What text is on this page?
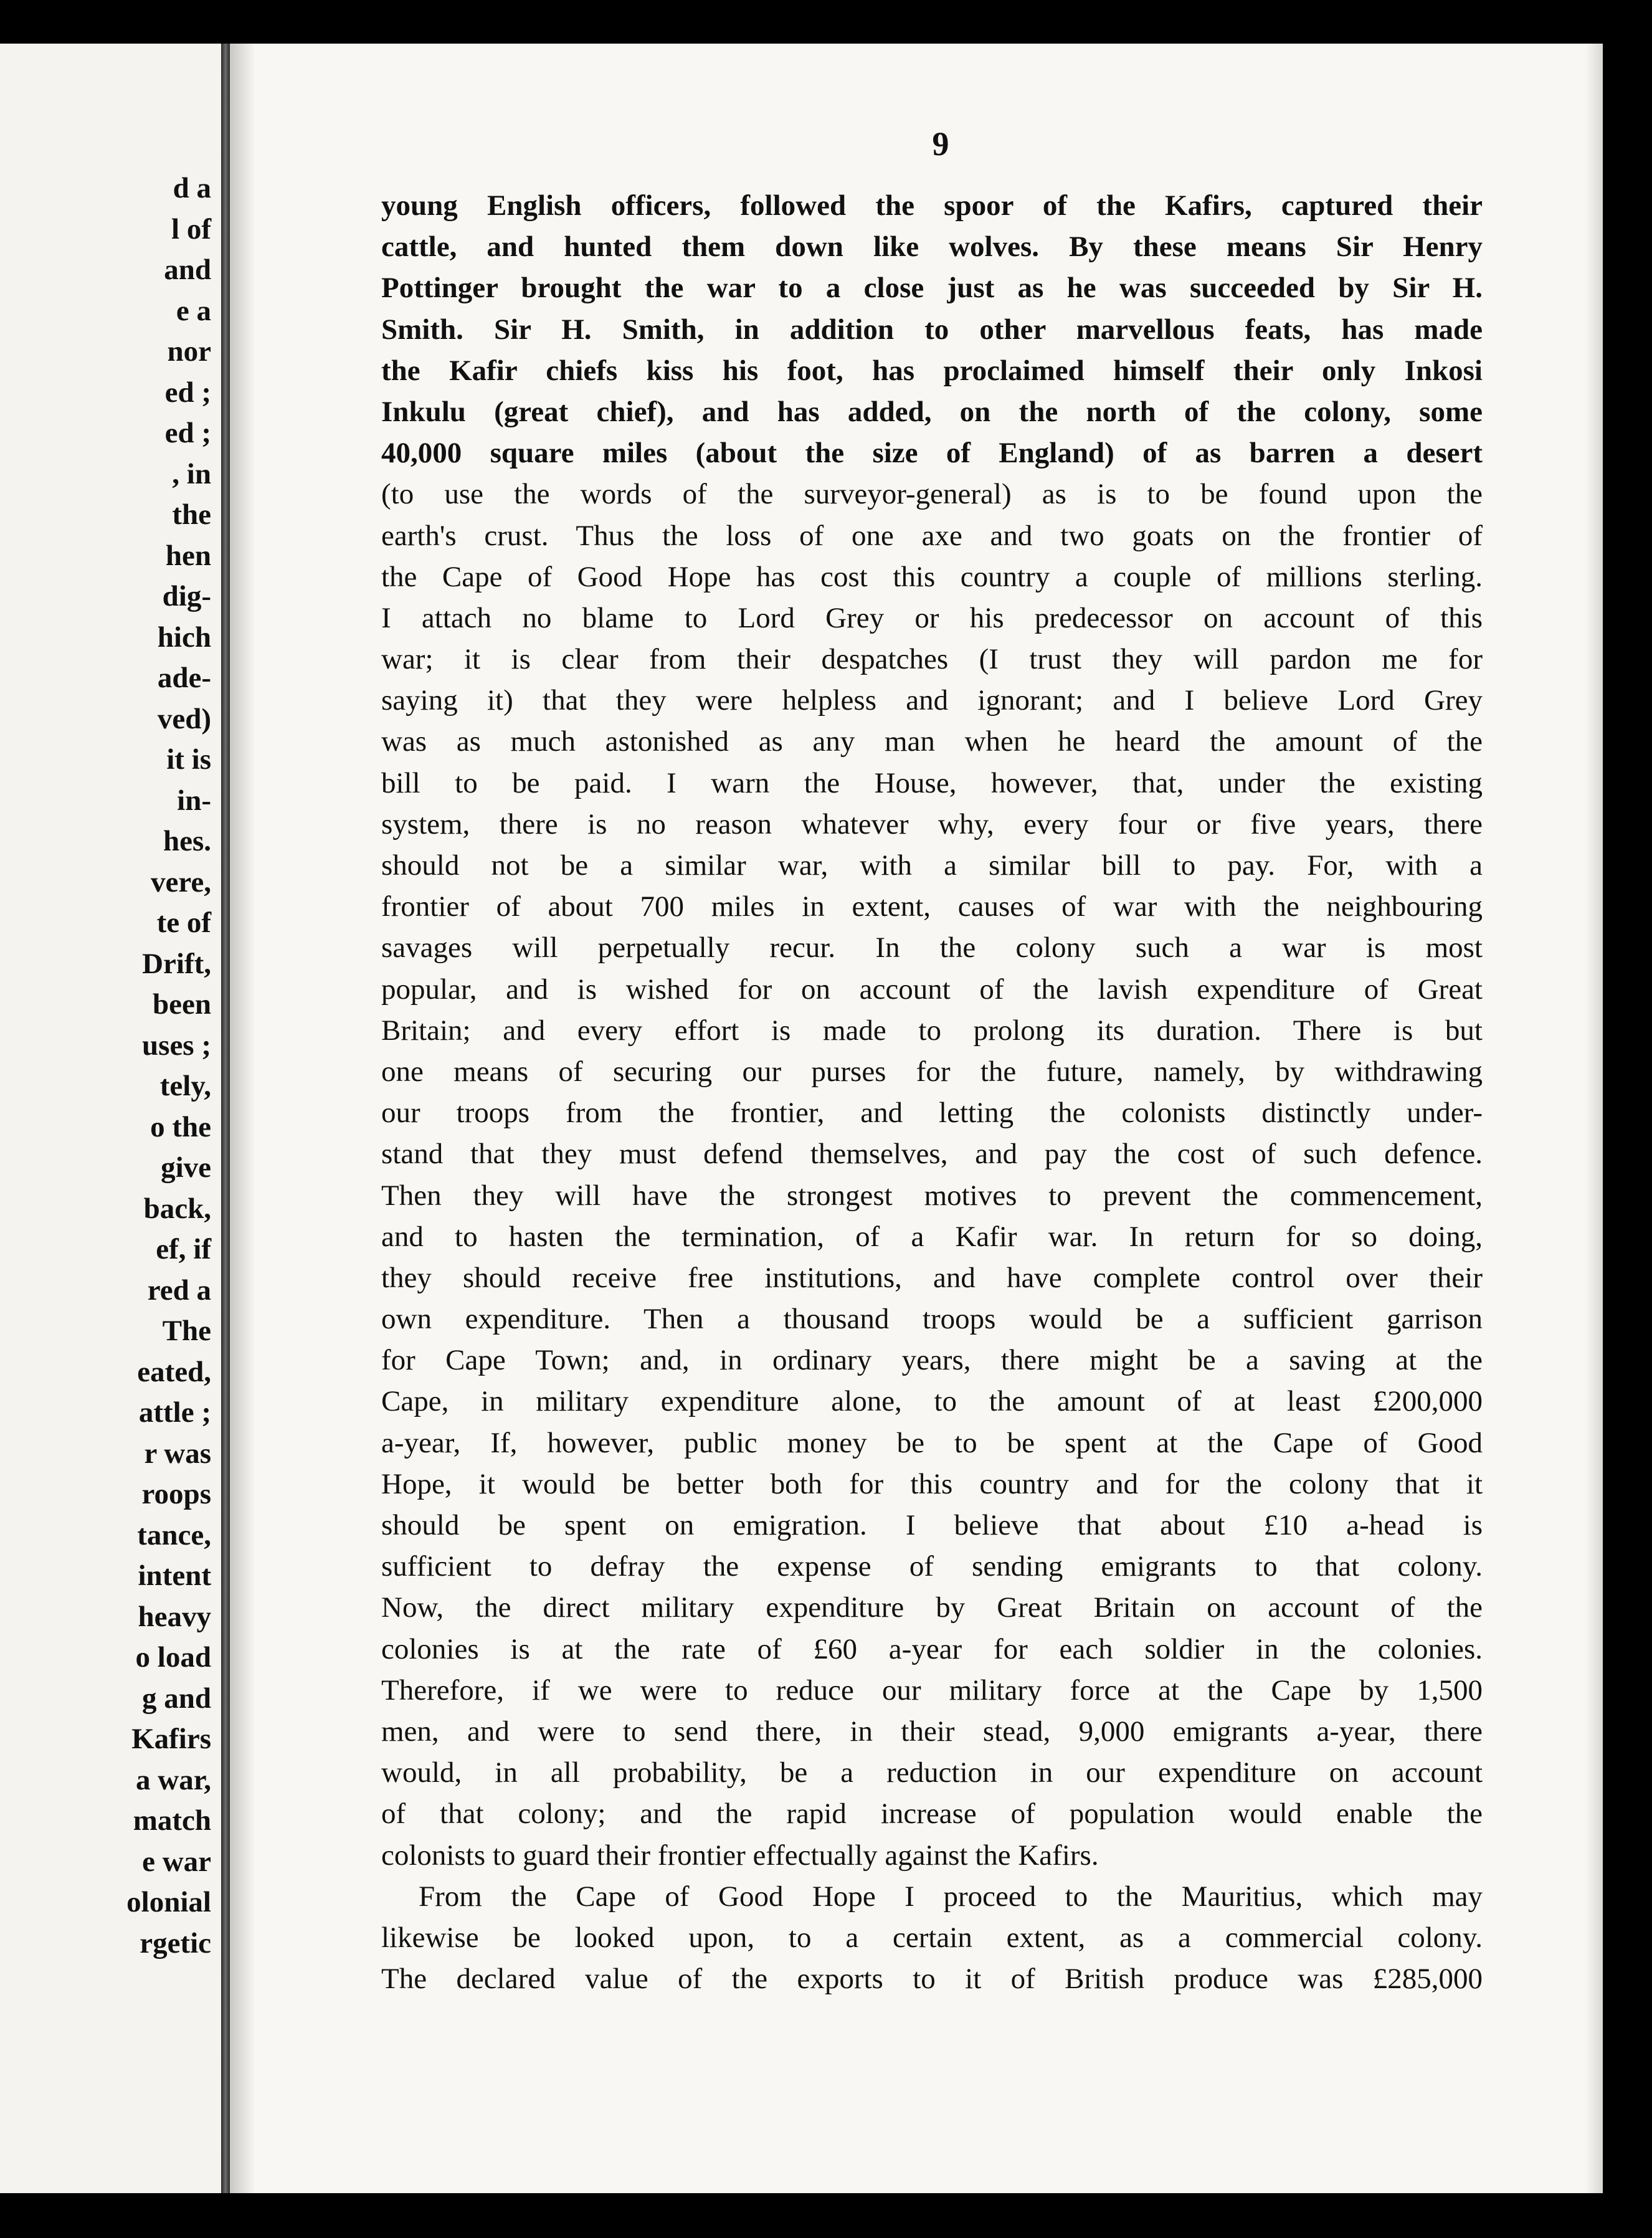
d a
l of
and
e a
nor
ed ;
ed ;
, in
the
hen
dig-
hich
ade-
ved)
it is
in-
hes.
vere,
te of
Drift,
been
uses ;
tely,
o the
give
back,
ef, if
red a
The
eated,
attle ;
r was
roops
tance,
intent
heavy
o load
g and
Kafirs
a war,
match
e war
olonial
rgetic
9
young English officers, followed the spoor of the Kafirs, captured their
cattle, and hunted them down like wolves. By these means Sir Henry
Pottinger brought the war to a close just as he was succeeded by Sir H.
Smith. Sir H. Smith, in addition to other marvellous feats, has made
the Kafir chiefs kiss his foot, has proclaimed himself their only Inkosi
Inkulu (great chief), and has added, on the north of the colony, some
40,000 square miles (about the size of England) of as barren a desert
(to use the words of the surveyor-general) as is to be found upon the
earth's crust. Thus the loss of one axe and two goats on the frontier of
the Cape of Good Hope has cost this country a couple of millions sterling.
I attach no blame to Lord Grey or his predecessor on account of this
war; it is clear from their despatches (I trust they will pardon me for
saying it) that they were helpless and ignorant; and I believe Lord Grey
was as much astonished as any man when he heard the amount of the
bill to be paid. I warn the House, however, that, under the existing
system, there is no reason whatever why, every four or five years, there
should not be a similar war, with a similar bill to pay. For, with a
frontier of about 700 miles in extent, causes of war with the neighbouring
savages will perpetually recur. In the colony such a war is most
popular, and is wished for on account of the lavish expenditure of Great
Britain; and every effort is made to prolong its duration. There is but
one means of securing our purses for the future, namely, by withdrawing
our troops from the frontier, and letting the colonists distinctly under-
stand that they must defend themselves, and pay the cost of such defence.
Then they will have the strongest motives to prevent the commencement,
and to hasten the termination, of a Kafir war. In return for so doing,
they should receive free institutions, and have complete control over their
own expenditure. Then a thousand troops would be a sufficient garrison
for Cape Town; and, in ordinary years, there might be a saving at the
Cape, in military expenditure alone, to the amount of at least £200,000
a-year, If, however, public money be to be spent at the Cape of Good
Hope, it would be better both for this country and for the colony that it
should be spent on emigration. I believe that about £10 a-head is
sufficient to defray the expense of sending emigrants to that colony.
Now, the direct military expenditure by Great Britain on account of the
colonies is at the rate of £60 a-year for each soldier in the colonies.
Therefore, if we were to reduce our military force at the Cape by 1,500
men, and were to send there, in their stead, 9,000 emigrants a-year, there
would, in all probability, be a reduction in our expenditure on account
of that colony; and the rapid increase of population would enable the
colonists to guard their frontier effectually against the Kafirs.
From the Cape of Good Hope I proceed to the Mauritius, which may
likewise be looked upon, to a certain extent, as a commercial colony.
The declared value of the exports to it of British produce was £285,000
